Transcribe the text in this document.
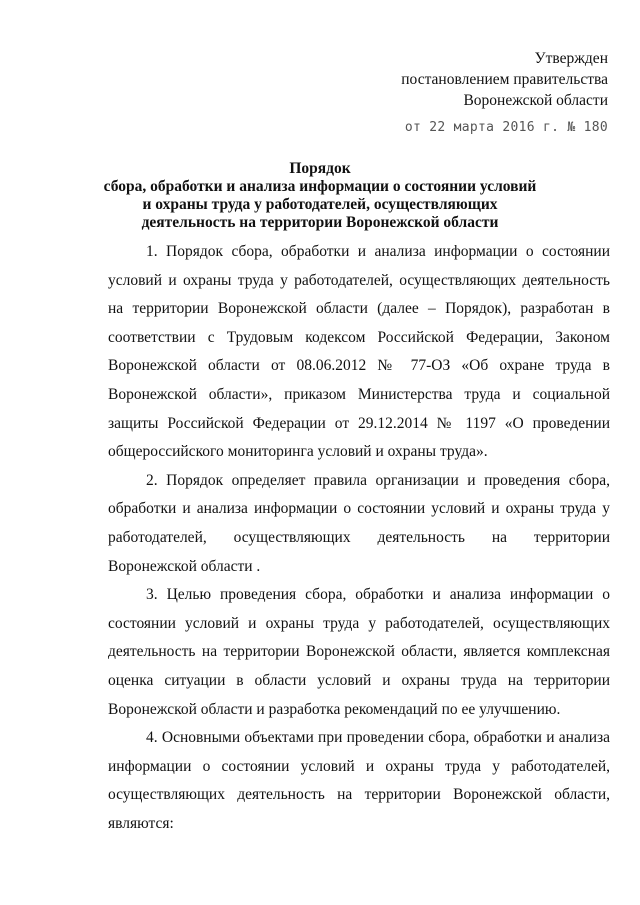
Утвержден
постановлением правительства
Воронежской области
от 22 марта 2016 г. № 180
Порядок
сбора, обработки и анализа информации о состоянии условий и охраны труда у работодателей, осуществляющих деятельность на территории Воронежской области

1. Порядок сбора, обработки и анализа информации о состоянии условий и охраны труда у работодателей, осуществляющих деятельность на территории Воронежской области (далее – Порядок), разработан в соответствии с Трудовым кодексом Российской Федерации, Законом Воронежской области от 08.06.2012 № 77-ОЗ «Об охране труда в Воронежской области», приказом Министерства труда и социальной защиты Российской Федерации от 29.12.2014 № 1197 «О проведении общероссийского мониторинга условий и охраны труда».

2. Порядок определяет правила организации и проведения сбора, обработки и анализа информации о состоянии условий и охраны труда у работодателей, осуществляющих деятельность на территории Воронежской области .

3. Целью проведения сбора, обработки и анализа информации о состоянии условий и охраны труда у работодателей, осуществляющих деятельность на территории Воронежской области, является комплексная оценка ситуации в области условий и охраны труда на территории Воронежской области и разработка рекомендаций по ее улучшению.

4. Основными объектами при проведении сбора, обработки и анализа информации о состоянии условий и охраны труда у работодателей, осуществляющих деятельность на территории Воронежской области, являются:
